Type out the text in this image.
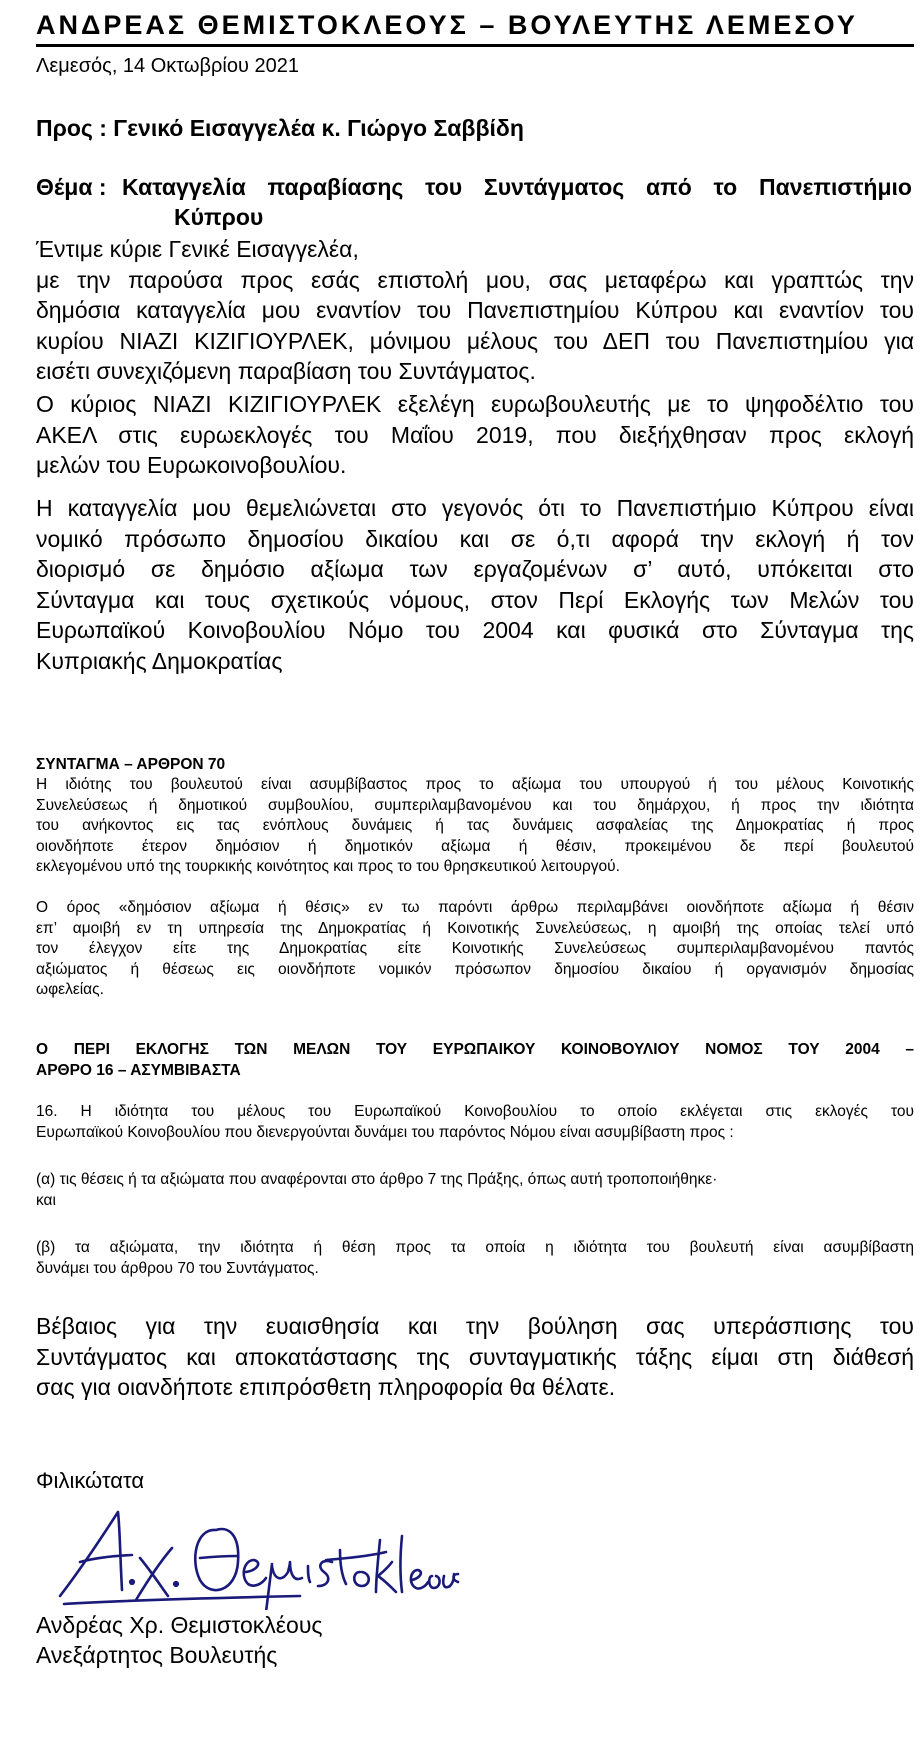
ΑΝΔΡΕΑΣ ΘΕΜΙΣΤΟΚΛΕΟΥΣ – ΒΟΥΛΕΥΤΗΣ ΛΕΜΕΣΟΥ
Λεμεσός, 14 Οκτωβρίου 2021
Προς : Γενικό Εισαγγελέα κ. Γιώργο Σαββίδη
Θέμα : Καταγγελία παραβίασης του Συντάγματος από το Πανεπιστήμιο
Κύπρου
Έντιμε κύριε Γενικέ Εισαγγελέα,
με την παρούσα προς εσάς επιστολή μου, σας μεταφέρω και γραπτώς την
δημόσια καταγγελία μου εναντίον του Πανεπιστημίου Κύπρου και εναντίον του
κυρίου ΝΙΑΖΙ ΚΙΖΙΓΙΟΥΡΛΕΚ, μόνιμου μέλους του ΔΕΠ του Πανεπιστημίου για
εισέτι συνεχιζόμενη παραβίαση του Συντάγματος.
Ο κύριος ΝΙΑΖΙ ΚΙΖΙΓΙΟΥΡΛΕΚ εξελέγη ευρωβουλευτής με το ψηφοδέλτιο του
ΑΚΕΛ στις ευρωεκλογές του Μαΐου 2019, που διεξήχθησαν προς εκλογή
μελών του Ευρωκοινοβουλίου.
Η καταγγελία μου θεμελιώνεται στο γεγονός ότι το Πανεπιστήμιο Κύπρου είναι
νομικό πρόσωπο δημοσίου δικαίου και σε ό,τι αφορά την εκλογή ή τον
διορισμό σε δημόσιο αξίωμα των εργαζομένων σ’ αυτό, υπόκειται στο
Σύνταγμα και τους σχετικούς νόμους, στον Περί Εκλογής των Μελών του
Ευρωπαϊκού Κοινοβουλίου Νόμο του 2004 και φυσικά στο Σύνταγμα της
Κυπριακής Δημοκρατίας
ΣΥΝΤΑΓΜΑ – ΑΡΘΡΟΝ 70
Η ιδιότης του βουλευτού είναι ασυμβίβαστος προς το αξίωμα του υπουργού ή του μέλους Κοινοτικής
Συνελεύσεως ή δημοτικού συμβουλίου, συμπεριλαμβανομένου και του δημάρχου, ή προς την ιδιότητα
του ανήκοντος εις τας ενόπλους δυνάμεις ή τας δυνάμεις ασφαλείας της Δημοκρατίας ή προς
οιονδήποτε έτερον δημόσιον ή δημοτικόν αξίωμα ή θέσιν, προκειμένου δε περί βουλευτού
εκλεγομένου υπό της τουρκικής κοινότητος και προς το του θρησκευτικού λειτουργού.
Ο όρος «δημόσιον αξίωμα ή θέσις» εν τω παρόντι άρθρω περιλαμβάνει οιονδήποτε αξίωμα ή θέσιν
επ’ αμοιβή εν τη υπηρεσία της Δημοκρατίας ή Κοινοτικής Συνελεύσεως, η αμοιβή της οποίας τελεί υπό
τον έλεγχον είτε της Δημοκρατίας είτε Κοινοτικής Συνελεύσεως συμπεριλαμβανομένου παντός
αξιώματος ή θέσεως εις οιονδήποτε νομικόν πρόσωπον δημοσίου δικαίου ή οργανισμόν δημοσίας
ωφελείας.
Ο ΠΕΡΙ ΕΚΛΟΓΗΣ ΤΩΝ ΜΕΛΩΝ ΤΟΥ ΕΥΡΩΠΑΙΚΟΥ ΚΟΙΝΟΒΟΥΛΙΟΥ ΝΟΜΟΣ ΤΟΥ 2004 –
ΑΡΘΡΟ 16 – ΑΣΥΜΒΙΒΑΣΤΑ
16. Η ιδιότητα του μέλους του Ευρωπαϊκού Κοινοβουλίου το οποίο εκλέγεται στις εκλογές του
Ευρωπαϊκού Κοινοβουλίου που διενεργούνται δυνάμει του παρόντος Νόμου είναι ασυμβίβαστη προς :
(α) τις θέσεις ή τα αξιώματα που αναφέρονται στο άρθρο 7 της Πράξης, όπως αυτή τροποποιήθηκε·
και
(β) τα αξιώματα, την ιδιότητα ή θέση προς τα οποία η ιδιότητα του βουλευτή είναι ασυμβίβαστη
δυνάμει του άρθρου 70 του Συντάγματος.
Βέβαιος για την ευαισθησία και την βούληση σας υπεράσπισης του
Συντάγματος και αποκατάστασης της συνταγματικής τάξης είμαι στη διάθεσή
σας για οιανδήποτε επιπρόσθετη πληροφορία θα θέλατε.
Φιλικώτατα
Ανδρέας Χρ. Θεμιστοκλέους
Ανεξάρτητος Βουλευτής
